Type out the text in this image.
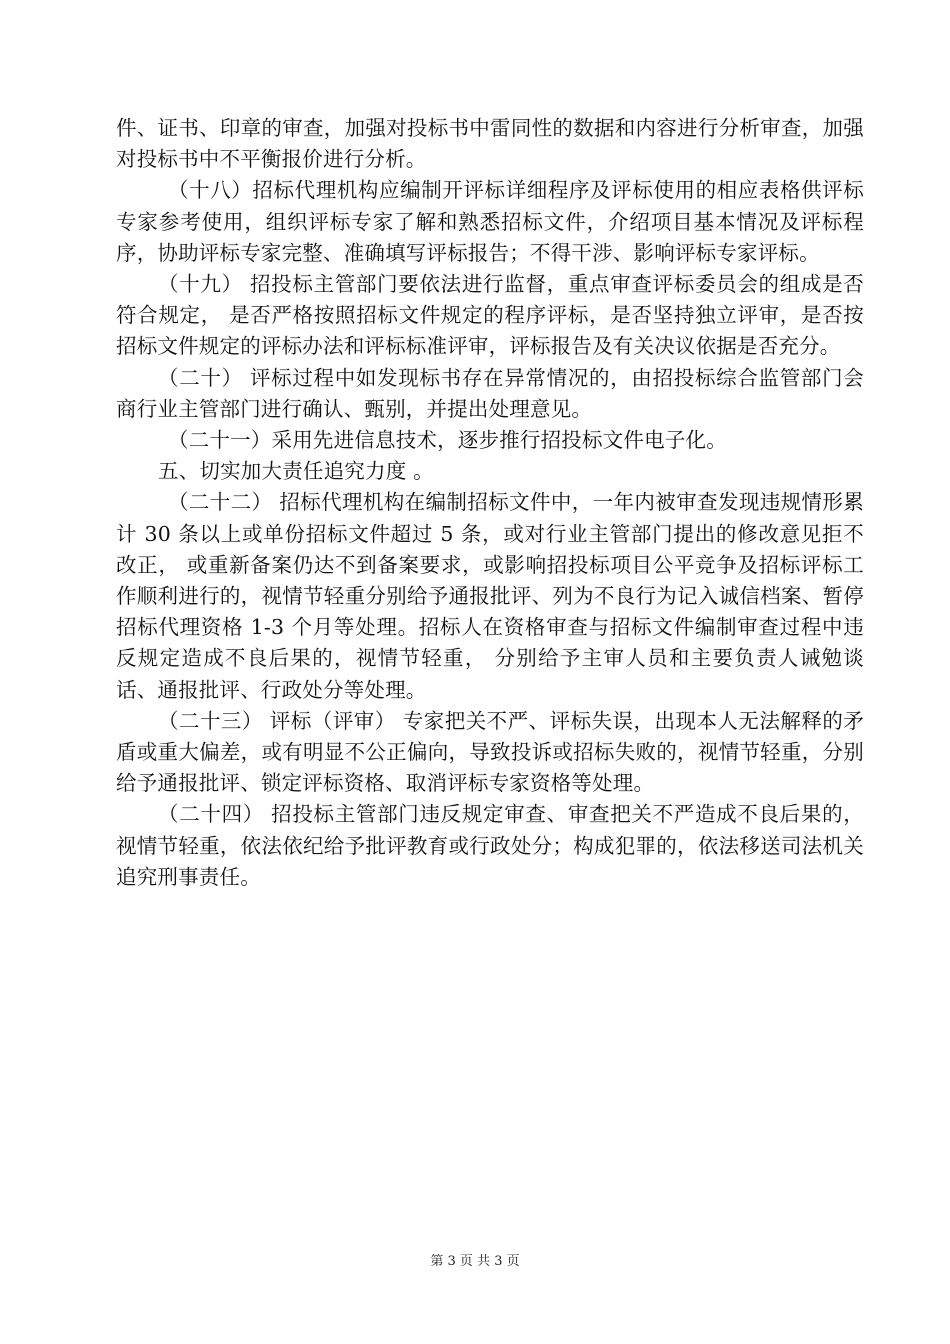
件、证书、印章的审查，加强对投标书中雷同性的数据和内容进行分析审查，加强对投标书中不平衡报价进行分析。

（十八）招标代理机构应编制开评标详细程序及评标使用的相应表格供评标专家参考使用，组织评标专家了解和熟悉招标文件，介绍项目基本情况及评标程序，协助评标专家完整、准确填写评标报告；不得干涉、影响评标专家评标。

（十九） 招投标主管部门要依法进行监督，重点审查评标委员会的组成是否符合规定， 是否严格按照招标文件规定的程序评标，是否坚持独立评审，是否按招标文件规定的评标办法和评标标准评审，评标报告及有关决议依据是否充分。

（二十） 评标过程中如发现标书存在异常情况的，由招投标综合监管部门会商行业主管部门进行确认、甄别，并提出处理意见。

（二十一）采用先进信息技术，逐步推行招投标文件电子化。

五、切实加大责任追究力度 。

（二十二） 招标代理机构在编制招标文件中，一年内被审查发现违规情形累计 30 条以上或单份招标文件超过 5 条，或对行业主管部门提出的修改意见拒不改正， 或重新备案仍达不到备案要求，或影响招投标项目公平竞争及招标评标工作顺利进行的，视情节轻重分别给予通报批评、列为不良行为记入诚信档案、暂停招标代理资格 1-3 个月等处理。招标人在资格审查与招标文件编制审查过程中违反规定造成不良后果的，视情节轻重， 分别给予主审人员和主要负责人诫勉谈话、通报批评、行政处分等处理。

（二十三） 评标（评审） 专家把关不严、评标失误，出现本人无法解释的矛盾或重大偏差，或有明显不公正偏向，导致投诉或招标失败的，视情节轻重，分别给予通报批评、锁定评标资格、取消评标专家资格等处理。

（二十四） 招投标主管部门违反规定审查、审查把关不严造成不良后果的，视情节轻重，依法依纪给予批评教育或行政处分；构成犯罪的，依法移送司法机关追究刑事责任。

第 3 页 共 3 页
